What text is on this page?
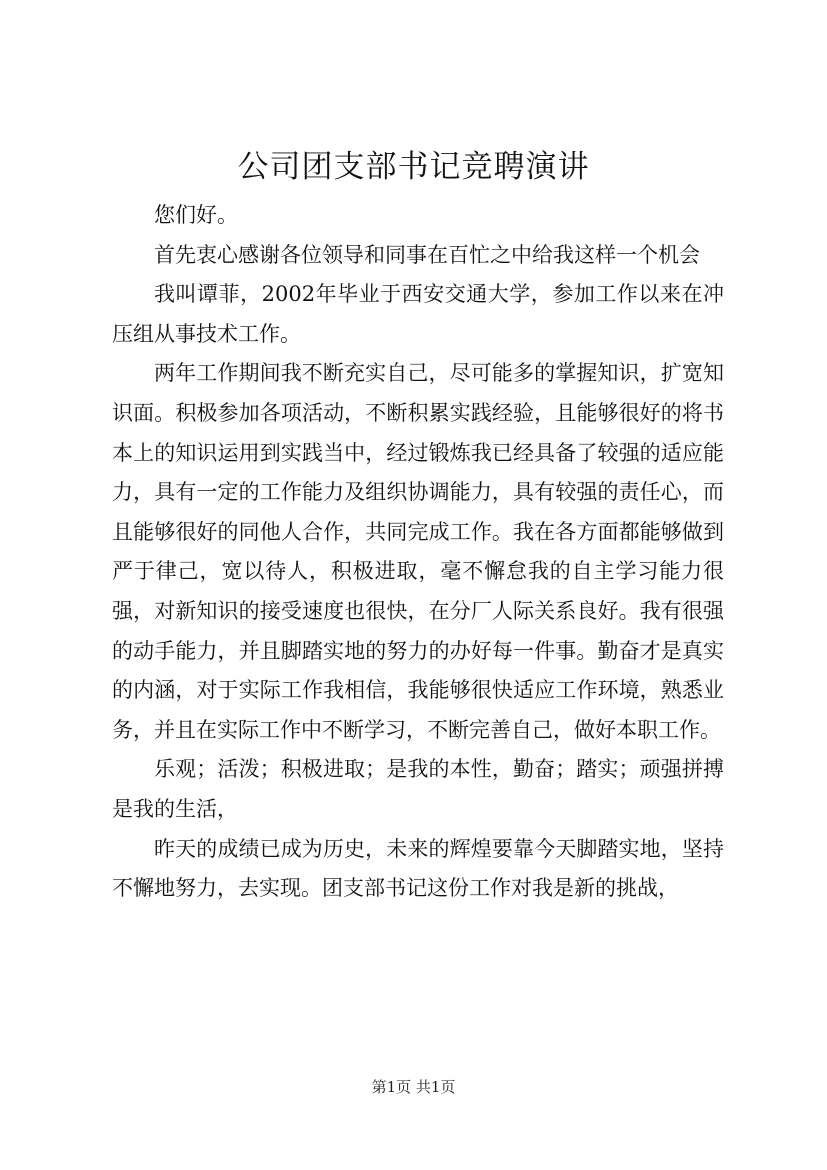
公司团支部书记竞聘演讲

您们好。

首先衷心感谢各位领导和同事在百忙之中给我这样一个机会

我叫谭菲，2002年毕业于西安交通大学，参加工作以来在冲压组从事技术工作。

两年工作期间我不断充实自己，尽可能多的掌握知识，扩宽知识面。积极参加各项活动，不断积累实践经验，且能够很好的将书本上的知识运用到实践当中，经过锻炼我已经具备了较强的适应能力，具有一定的工作能力及组织协调能力，具有较强的责任心，而且能够很好的同他人合作，共同完成工作。我在各方面都能够做到严于律己，宽以待人，积极进取，毫不懈怠我的自主学习能力很强，对新知识的接受速度也很快，在分厂人际关系良好。我有很强的动手能力，并且脚踏实地的努力的办好每一件事。勤奋才是真实的内涵，对于实际工作我相信，我能够很快适应工作环境，熟悉业务，并且在实际工作中不断学习，不断完善自己，做好本职工作。

乐观；活泼；积极进取；是我的本性，勤奋；踏实；顽强拼搏是我的生活，

昨天的成绩已成为历史，未来的辉煌要靠今天脚踏实地，坚持不懈地努力，去实现。团支部书记这份工作对我是新的挑战，

第1页 共1页
